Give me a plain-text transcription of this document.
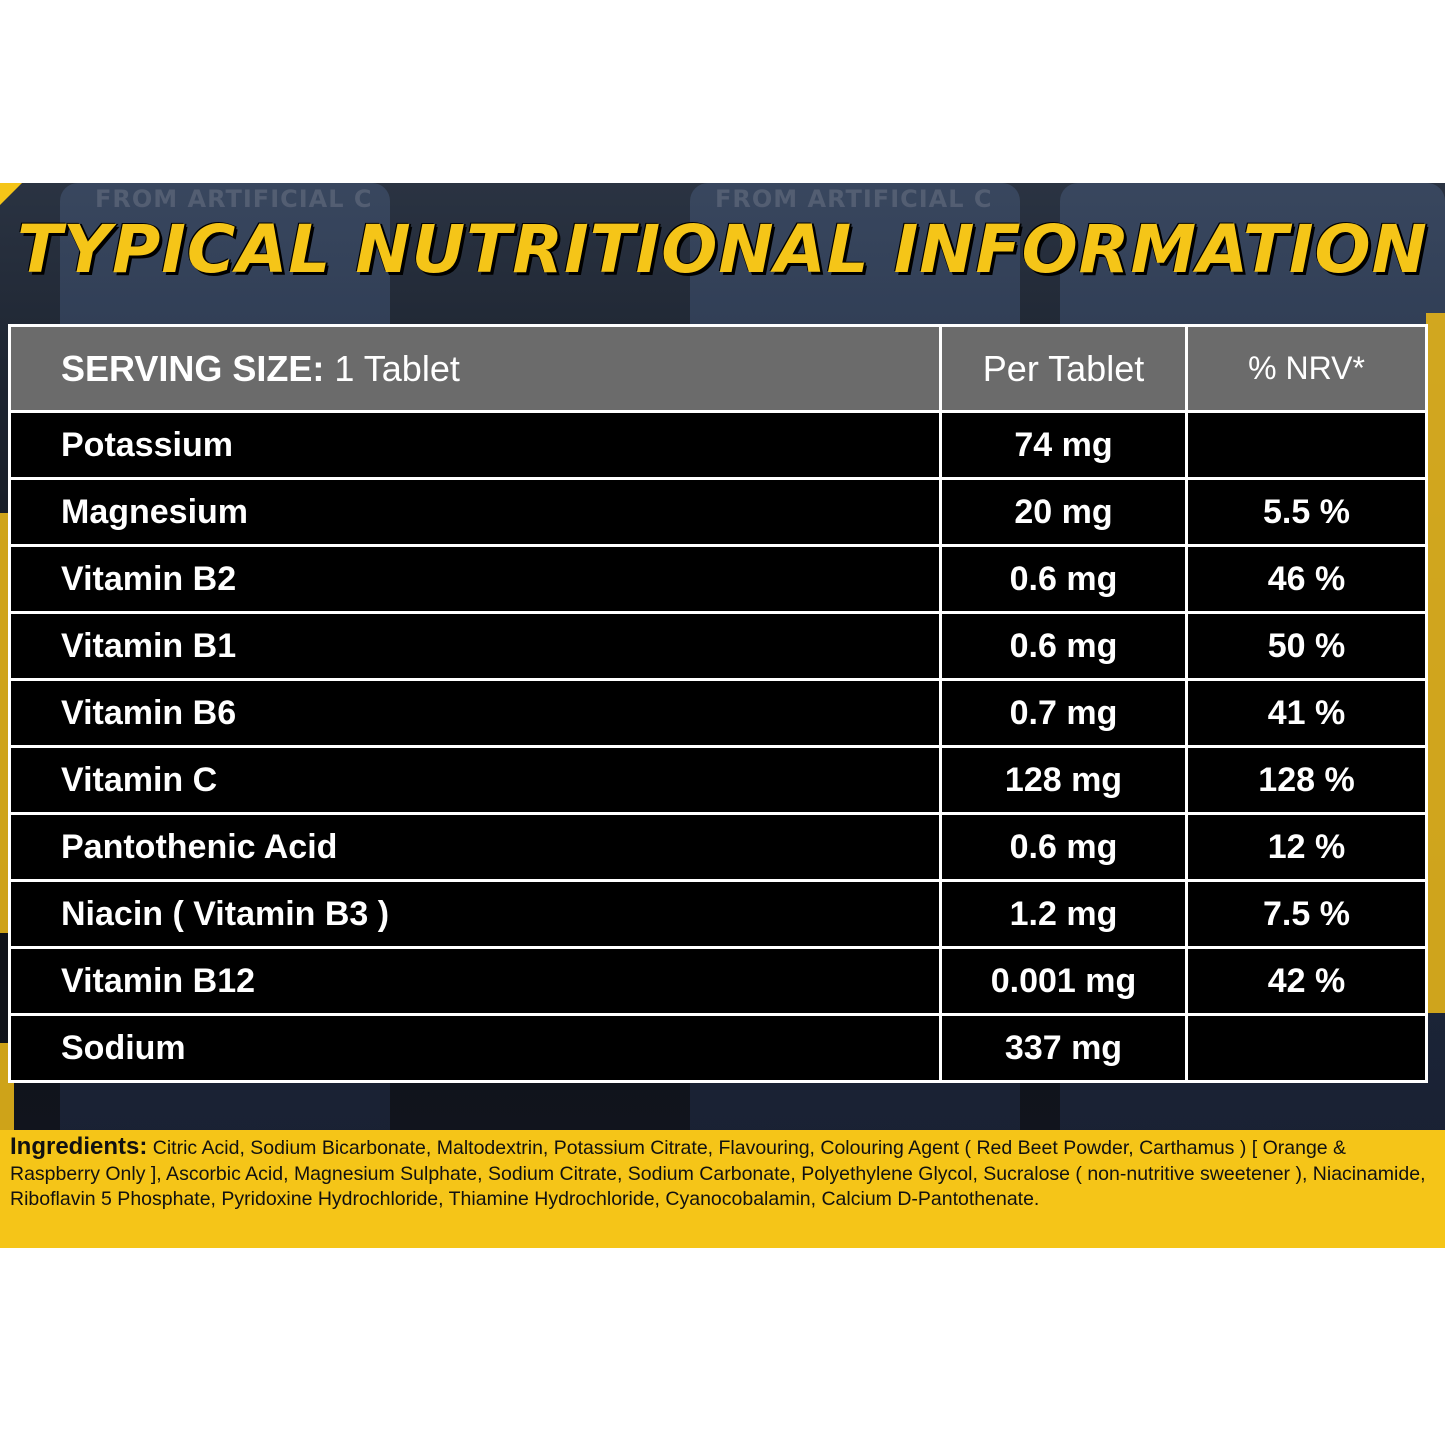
FROM ARTIFICIAL C	FROM ARTIFICIAL C
TYPICAL NUTRITIONAL INFORMATION
SERVING SIZE: 1 Tablet	Per Tablet	% NRV*
Potassium	74 mg	
Magnesium	20 mg	5.5 %
Vitamin B2	0.6 mg	46 %
Vitamin B1	0.6 mg	50 %
Vitamin B6	0.7 mg	41 %
Vitamin C	128 mg	128 %
Pantothenic Acid	0.6 mg	12 %
Niacin ( Vitamin B3 )	1.2 mg	7.5 %
Vitamin B12	0.001 mg	42 %
Sodium	337 mg	
Ingredients: Citric Acid, Sodium Bicarbonate, Maltodextrin, Potassium Citrate, Flavouring, Colouring Agent ( Red Beet Powder, Carthamus ) [ Orange & Raspberry Only ], Ascorbic Acid, Magnesium Sulphate, Sodium Citrate, Sodium Carbonate, Polyethylene Glycol, Sucralose ( non-nutritive sweetener ), Niacinamide, Riboflavin 5 Phosphate, Pyridoxine Hydrochloride, Thiamine Hydrochloride, Cyanocobalamin, Calcium D-Pantothenate.
